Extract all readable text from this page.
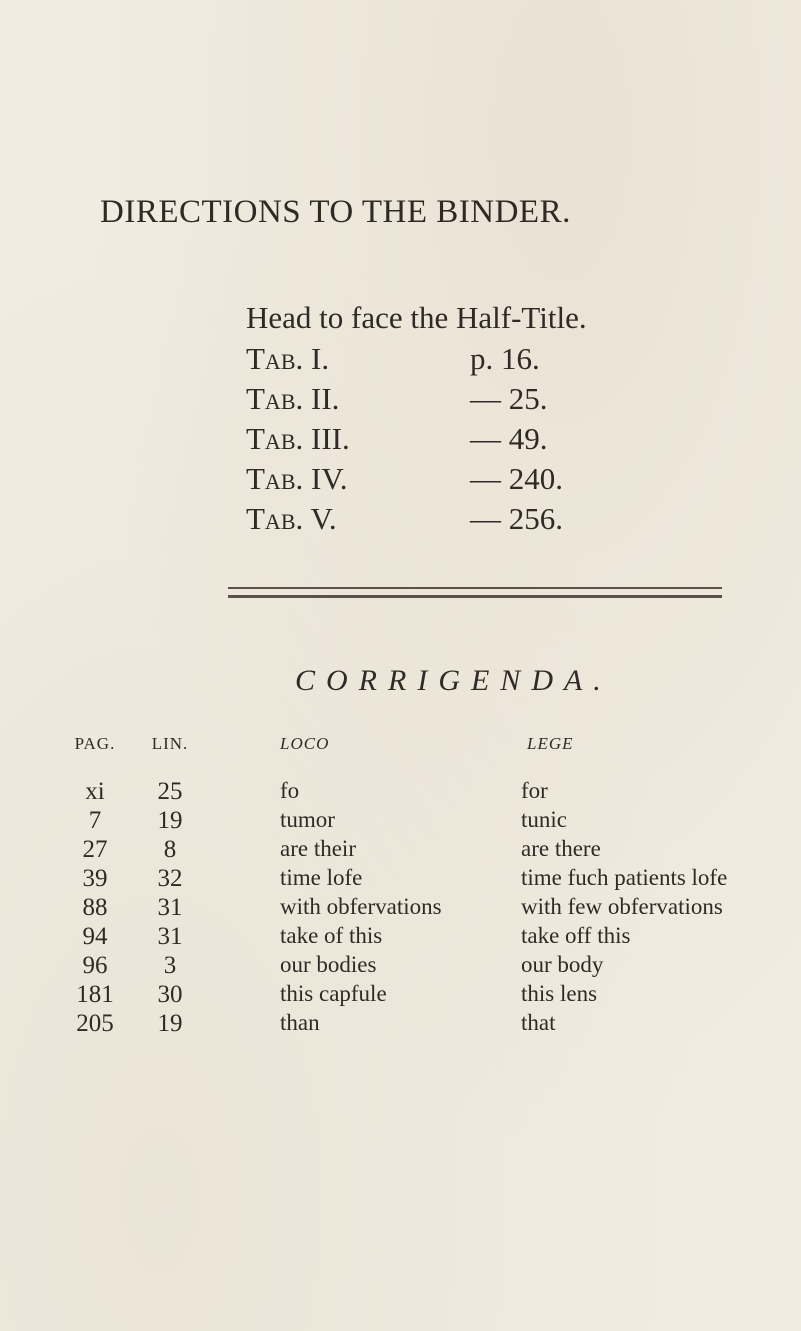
DIRECTIONS TO THE BINDER.
Head to face the Half-Title.
Tab. I.	p. 16.
Tab. II.	— 25.
Tab. III.	— 49.
Tab. IV.	— 240.
Tab. V.	— 256.
CORRIGENDA.
PAG.	LIN.	LOCO	LEGE
xi	25	fo	for
7	19	tumor	tunic
27	8	are their	are there
39	32	time lofe	time fuch patients lofe
88	31	with obfervations	with few obfervations
94	31	take of this	take off this
96	3	our bodies	our body
181	30	this capfule	this lens
205	19	than	that
